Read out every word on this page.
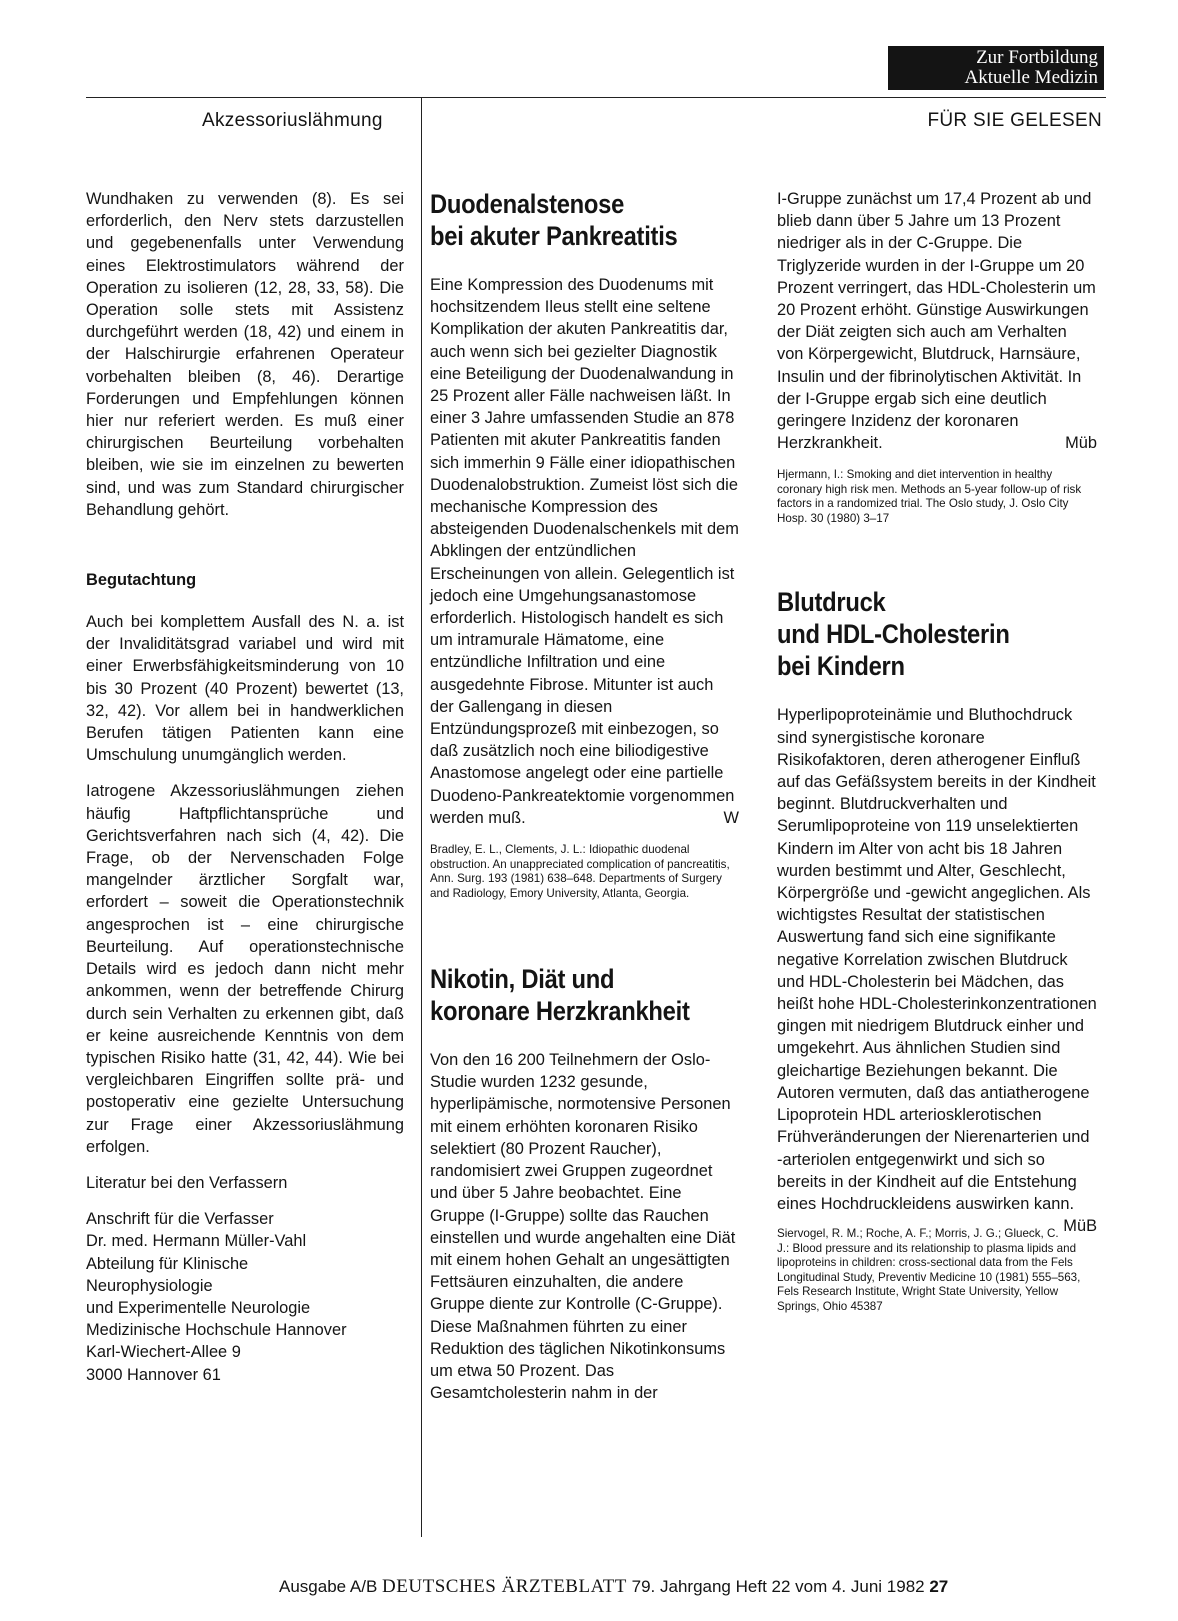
Zur Fortbildung
Aktuelle Medizin
Akzessoriuslähmung	FÜR SIE GELESEN

Wundhaken zu verwenden (8). Es sei erforderlich, den Nerv stets darzustellen und gegebenenfalls unter Verwendung eines Elektrostimulators während der Operation zu isolieren (12, 28, 33, 58). Die Operation solle stets mit Assistenz durchgeführt werden (18, 42) und einem in der Halschirurgie erfahrenen Operateur vorbehalten bleiben (8, 46). Derartige Forderungen und Empfehlungen können hier nur referiert werden. Es muß einer chirurgischen Beurteilung vorbehalten bleiben, wie sie im einzelnen zu bewerten sind, und was zum Standard chirurgischer Behandlung gehört.

Begutachtung

Auch bei komplettem Ausfall des N. a. ist der Invaliditätsgrad variabel und wird mit einer Erwerbsfähigkeitsminderung von 10 bis 30 Prozent (40 Prozent) bewertet (13, 32, 42). Vor allem bei in handwerklichen Berufen tätigen Patienten kann eine Umschulung unumgänglich werden.

Iatrogene Akzessoriuslähmungen ziehen häufig Haftpflichtansprüche und Gerichtsverfahren nach sich (4, 42). Die Frage, ob der Nervenschaden Folge mangelnder ärztlicher Sorgfalt war, erfordert – soweit die Operationstechnik angesprochen ist – eine chirurgische Beurteilung. Auf operationstechnische Details wird es jedoch dann nicht mehr ankommen, wenn der betreffende Chirurg durch sein Verhalten zu erkennen gibt, daß er keine ausreichende Kenntnis von dem typischen Risiko hatte (31, 42, 44). Wie bei vergleichbaren Eingriffen sollte prä- und postoperativ eine gezielte Untersuchung zur Frage einer Akzessoriuslähmung erfolgen.

Literatur bei den Verfassern

Anschrift für die Verfasser

Dr. med. Hermann Müller-Vahl

Abteilung für Klinische

Neurophysiologie

und Experimentelle Neurologie

Medizinische Hochschule Hannover

Karl-Wiechert-Allee 9

3000 Hannover 61

Duodenalstenose
bei akuter Pankreatitis

Eine Kompression des Duodenums mit hochsitzendem Ileus stellt eine seltene Komplikation der akuten Pankreatitis dar, auch wenn sich bei gezielter Diagnostik eine Beteiligung der Duodenalwandung in 25 Prozent aller Fälle nachweisen läßt. In einer 3 Jahre umfassenden Studie an 878 Patienten mit akuter Pankreatitis fanden sich immerhin 9 Fälle einer idiopathischen Duodenalobstruktion. Zumeist löst sich die mechanische Kompression des absteigenden Duodenalschenkels mit dem Abklingen der entzündlichen Erscheinungen von allein. Gelegentlich ist jedoch eine Umgehungsanastomose erforderlich. Histologisch handelt es sich um intramurale Hämatome, eine entzündliche Infiltration und eine ausgedehnte Fibrose. Mitunter ist auch der Gallengang in diesen Entzündungsprozeß mit einbezogen, so daß zusätzlich noch eine biliodigestive Anastomose angelegt oder eine partielle Duodeno-Pankreatektomie vorgenommen werden muß.	W

Bradley, E. L., Clements, J. L.: Idiopathic duodenal obstruction. An unappreciated complication of pancreatitis, Ann. Surg. 193 (1981) 638–648. Departments of Surgery and Radiology, Emory University, Atlanta, Georgia.
Nikotin, Diät und
koronare Herzkrankheit

Von den 16 200 Teilnehmern der Oslo-Studie wurden 1232 gesunde, hyperlipämische, normotensive Personen mit einem erhöhten koronaren Risiko selektiert (80 Prozent Raucher), randomisiert zwei Gruppen zugeordnet und über 5 Jahre beobachtet. Eine Gruppe (I-Gruppe) sollte das Rauchen einstellen und wurde angehalten eine Diät mit einem hohen Gehalt an ungesättigten Fettsäuren einzuhalten, die andere Gruppe diente zur Kontrolle (C-Gruppe). Diese Maßnahmen führten zu einer Reduktion des täglichen Nikotinkonsums um etwa 50 Prozent. Das Gesamtcholesterin nahm in der

I-Gruppe zunächst um 17,4 Prozent ab und blieb dann über 5 Jahre um 13 Prozent niedriger als in der C-Gruppe. Die Triglyzeride wurden in der I-Gruppe um 20 Prozent verringert, das HDL-Cholesterin um 20 Prozent erhöht. Günstige Auswirkungen der Diät zeigten sich auch am Verhalten von Körpergewicht, Blutdruck, Harnsäure, Insulin und der fibrinolytischen Aktivität. In der I-Gruppe ergab sich eine deutlich geringere Inzidenz der koronaren Herzkrankheit.	Müb

Hjermann, I.: Smoking and diet intervention in healthy coronary high risk men. Methods an 5-year follow-up of risk factors in a randomized trial. The Oslo study, J. Oslo City Hosp. 30 (1980) 3–17
Blutdruck
und HDL-Cholesterin
bei Kindern

Hyperlipoproteinämie und Bluthochdruck sind synergistische koronare Risikofaktoren, deren atherogener Einfluß auf das Gefäßsystem bereits in der Kindheit beginnt. Blutdruckverhalten und Serumlipoproteine von 119 unselektierten Kindern im Alter von acht bis 18 Jahren wurden bestimmt und Alter, Geschlecht, Körpergröße und -gewicht angeglichen. Als wichtigstes Resultat der statistischen Auswertung fand sich eine signifikante negative Korrelation zwischen Blutdruck und HDL-Cholesterin bei Mädchen, das heißt hohe HDL-Cholesterinkonzentrationen gingen mit niedrigem Blutdruck einher und umgekehrt. Aus ähnlichen Studien sind gleichartige Beziehungen bekannt. Die Autoren vermuten, daß das antiatherogene Lipoprotein HDL arteriosklerotischen Frühveränderungen der Nierenarterien und -arteriolen entgegenwirkt und sich so bereits in der Kindheit auf die Entstehung eines Hochdruckleidens auswirken kann.
MüB

Siervogel, R. M.; Roche, A. F.; Morris, J. G.; Glueck, C. J.: Blood pressure and its relationship to plasma lipids and lipoproteins in children: cross-sectional data from the Fels Longitudinal Study, Preventiv Medicine 10 (1981) 555–563, Fels Research Institute, Wright State University, Yellow Springs, Ohio 45387
Ausgabe A/B DEUTSCHES ÄRZTEBLATT 79. Jahrgang Heft 22 vom 4. Juni 1982 27
